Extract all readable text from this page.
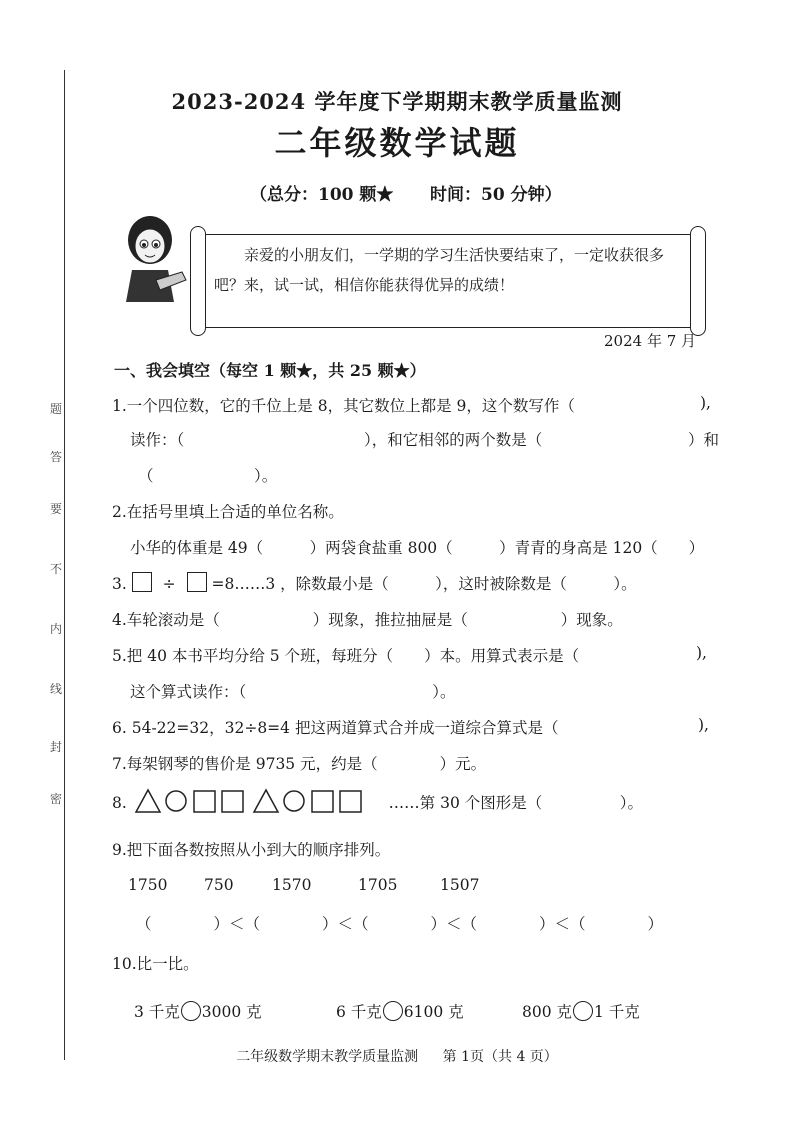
题
答
要
不
内
线
封
密
2023-2024 学年度下学期期末教学质量监测
二年级数学试题
（总分：100 颗★ 时间：50 分钟）
亲爱的小朋友们，一学期的学习生活快要结束了，一定收获很多吧？来，试一试，相信你能获得优异的成绩！
2024 年 7 月
一、我会填空（每空 1 颗★，共 25 颗★）
1.一个四位数，它的千位上是 8，其它数位上都是 9，这个数写作（	),
读作：（	），和它相邻的两个数是（	）和
（	）。
2.在括号里填上合适的单位名称。
小华的体重是 49（　　　）两袋食盐重 800（　　　）青青的身高是 120（　　）
3. ÷ =8……3 ，除数最小是（　　　），这时被除数是（　　　）。
4.车轮滚动是（　　　　　　）现象，推拉抽屉是（　　　　　　）现象。
5.把 40 本书平均分给 5 个班，每班分（　　）本。用算式表示是（	),
这个算式读作：（　　　　　　　　　　　　）。
6. 54-22=32，32÷8=4 把这两道算式合并成一道综合算式是（	),
7.每架钢琴的售价是 9735 元，约是（　　　　）元。
8.	……第 30 个图形是（　　　　　）。
9.把下面各数按照从小到大的顺序排列。
1750 750 1570	1705	1507
（　　　　）＜（　　　　）＜（　　　　）＜（　　　　）＜（　　　　）
10.比一比。
3 千克 3000 克	6 千克 6100 克	800 克 1 千克
二年级数学期末教学质量监测 第 1页（共 4 页）
